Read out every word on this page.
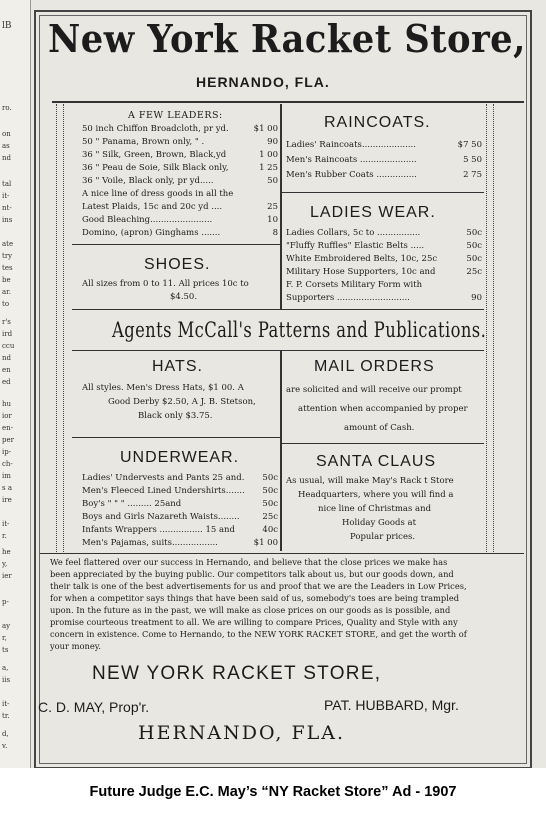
lB
ro.
on
as
nd
tal
it-
nt-
ins
ate
try
tes
be
ar.
to
r's
ird
ccu
nd
en
ed
hu
ior
en-
per
ip-
ch-
im
s a
ire
it-
r.
he
y,
ier
p-
ay
r,
ts
a,
iis
it-
tr.
d,
v.
New York Racket Store,
HERNANDO, FLA.
A FEW LEADERS:
50 inch Chiffon Broadcloth, pr yd.	$1 00
50 " Panama, Brown only, " .	90
36 " Silk, Green, Brown, Black,yd	1 00
36 " Peau de Soie, Silk Black only,	1 25
36 " Voile, Black only, pr yd.....	50
A nice line of dress goods in all the
Latest Plaids, 15c and 20c yd ....	25
Good Bleaching.......................	10
Domino, (apron) Ginghams .......	8
RAINCOATS.
Ladies' Raincoats....................	$7 50
Men's Raincoats .....................	5 50
Men's Rubber Coats ...............	2 75
LADIES WEAR.
Ladies Collars, 5c to ................	50c
"Fluffy Ruffles" Elastic Belts .....	50c
White Embroidered Belts, 10c, 25c	50c
Military Hose Supporters, 10c and	25c
F. P. Corsets Military Form with
Supporters ...........................	90
SHOES.
All sizes from 0 to 11. All prices 10c to
$4.50.
Agents McCall's Patterns and Publications.
HATS.
All styles. Men's Dress Hats, $1 00. A
Good Derby $2.50, A J. B. Stetson,
Black only $3.75.
MAIL ORDERS
are solicited and will receive our prompt
attention when accompanied by proper
amount of Cash.
UNDERWEAR.
Ladies' Undervests and Pants 25 and. 50c
Men's Fleeced Lined Undershirts....... 50c
Boy's " " " ......... 25and	50c
Boys and Girls Nazareth Waists........	25c
Infants Wrappers ................ 15 and	40c
Men's Pajamas, suits.................	$1 00
SANTA CLAUS
As usual, will make May's Rack t Store
Headquarters, where you will find a
nice line of Christmas and
Holiday Goods at
Popular prices.
We feel flattered over our success in Hernando, and believe that the close prices we make has
been appreciated by the buying public. Our competitors talk about us, but our goods down, and
their talk is one of the best advertisements for us and proof that we are the Leaders in Low Prices,
for when a competitor says things that have been said of us, somebody's toes are being trampled
upon. In the future as in the past, we will make as close prices on our goods as is possible, and
promise courteous treatment to all. We are willing to compare Prices, Quality and Style with any
concern in existence. Come to Hernando, to the NEW YORK RACKET STORE, and get the worth of
your money.
NEW YORK RACKET STORE,
C. D. MAY, Prop'r.	PAT. HUBBARD, Mgr.
HERNANDO, FLA.
Future Judge E.C. May’s “NY Racket Store” Ad - 1907
